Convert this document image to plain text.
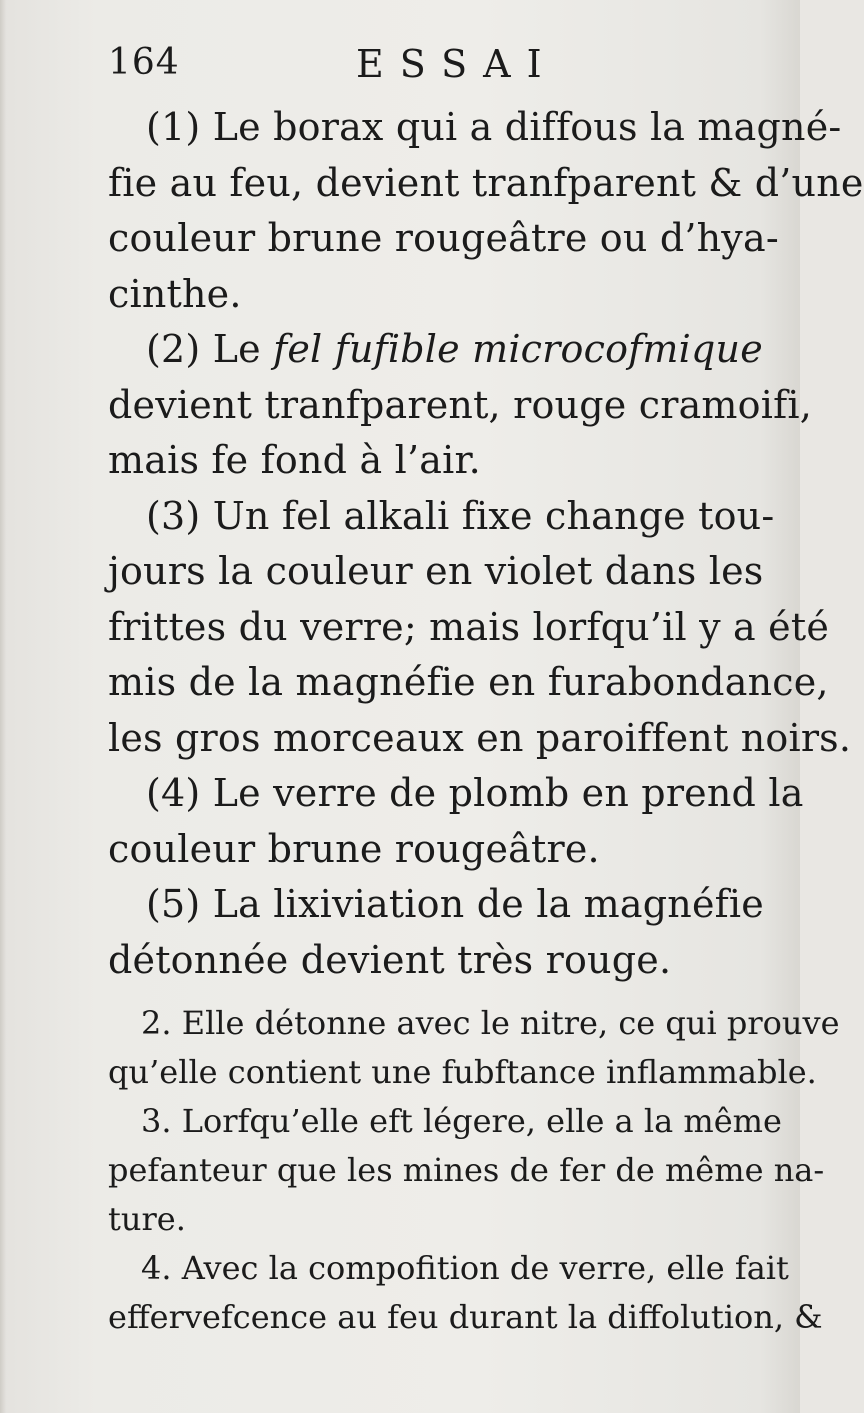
164	ESSAI
(1) Le borax qui a diffous la magné-
fie au feu, devient tranfparent & d’une
couleur brune rougeâtre ou d’hya-
cinthe.
(2) Le fel fufible microcofmique
devient tranfparent, rouge cramoifi,
mais fe fond à l’air.
(3) Un fel alkali fixe change tou-
jours la couleur en violet dans les
frittes du verre; mais lorfqu’il y a été
mis de la magnéfie en furabondance,
les gros morceaux en paroiffent noirs.
(4) Le verre de plomb en prend la
couleur brune rougeâtre.
(5) La lixiviation de la magnéfie
détonnée devient très rouge.
2. Elle détonne avec le nitre, ce qui prouve
qu’elle contient une fubftance inflammable.
3. Lorfqu’elle eft légere, elle a la même
pefanteur que les mines de fer de même na-
ture.
4. Avec la compofition de verre, elle fait
effervefcence au feu durant la diffolution, &
